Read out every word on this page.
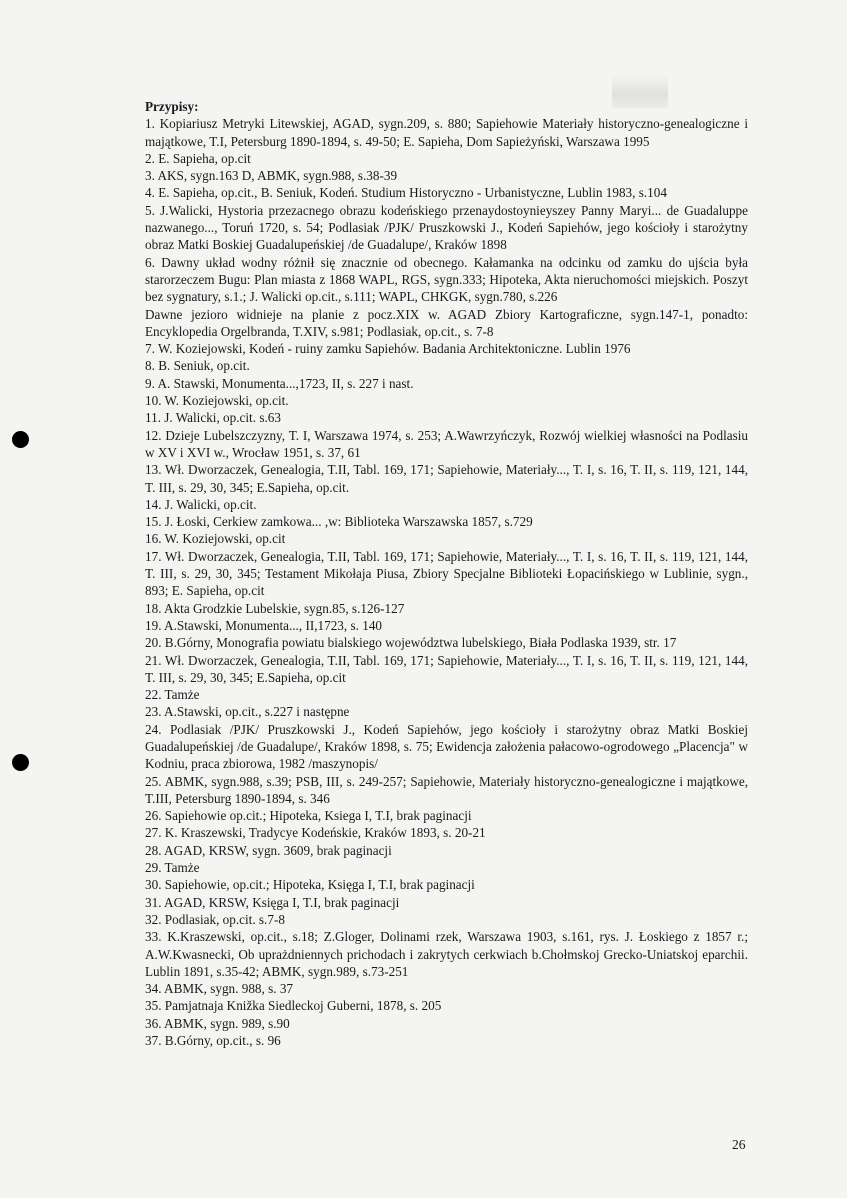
Przypisy:

1. Kopiariusz Metryki Litewskiej, AGAD, sygn.209, s. 880; Sapiehowie Materiały historyczno-genealogiczne i majątkowe, T.I, Petersburg 1890-1894, s. 49-50; E. Sapieha, Dom Sapieżyński, Warszawa 1995

2. E. Sapieha, op.cit

3. AKS, sygn.163 D, ABMK, sygn.988, s.38-39

4. E. Sapieha, op.cit., B. Seniuk, Kodeń. Studium Historyczno - Urbanistyczne, Lublin 1983, s.104

5. J.Walicki, Hystoria przezacnego obrazu kodeńskiego przenaydostoynieyszey Panny Maryi... de Guadaluppe nazwanego..., Toruń 1720, s. 54; Podlasiak /PJK/ Pruszkowski J., Kodeń Sapiehów, jego kościoły i starożytny obraz Matki Boskiej Guadalupeńskiej /de Guadalupe/, Kraków 1898

6. Dawny układ wodny różnił się znacznie od obecnego. Kałamanka na odcinku od zamku do ujścia była starorzeczem Bugu: Plan miasta z 1868 WAPL, RGS, sygn.333; Hipoteka, Akta nieruchomości miejskich. Poszyt bez sygnatury, s.1.; J. Walicki op.cit., s.111; WAPL, CHKGK, sygn.780, s.226

Dawne jezioro widnieje na planie z pocz.XIX w. AGAD Zbiory Kartograficzne, sygn.147-1, ponadto: Encyklopedia Orgelbranda, T.XIV, s.981; Podlasiak, op.cit., s. 7-8

7. W. Koziejowski, Kodeń - ruiny zamku Sapiehów. Badania Architektoniczne. Lublin 1976

8. B. Seniuk, op.cit.

9. A. Stawski, Monumenta...,1723, II, s. 227 i nast.

10. W. Koziejowski, op.cit.

11. J. Walicki, op.cit. s.63

12. Dzieje Lubelszczyzny, T. I, Warszawa 1974, s. 253; A.Wawrzyńczyk, Rozwój wielkiej własności na Podlasiu w XV i XVI w., Wrocław 1951, s. 37, 61

13. Wł. Dworzaczek, Genealogia, T.II, Tabl. 169, 171; Sapiehowie, Materiały..., T. I, s. 16, T. II, s. 119, 121, 144, T. III, s. 29, 30, 345; E.Sapieha, op.cit.

14. J. Walicki, op.cit.

15. J. Łoski, Cerkiew zamkowa... ,w: Biblioteka Warszawska 1857, s.729

16. W. Koziejowski, op.cit

17. Wł. Dworzaczek, Genealogia, T.II, Tabl. 169, 171; Sapiehowie, Materiały..., T. I, s. 16, T. II, s. 119, 121, 144, T. III, s. 29, 30, 345; Testament Mikołaja Piusa, Zbiory Specjalne Biblioteki Łopacińskiego w Lublinie, sygn., 893; E. Sapieha, op.cit

18. Akta Grodzkie Lubelskie, sygn.85, s.126-127

19. A.Stawski, Monumenta..., II,1723, s. 140

20. B.Górny, Monografia powiatu bialskiego województwa lubelskiego, Biała Podlaska 1939, str. 17

21. Wł. Dworzaczek, Genealogia, T.II, Tabl. 169, 171; Sapiehowie, Materiały..., T. I, s. 16, T. II, s. 119, 121, 144, T. III, s. 29, 30, 345; E.Sapieha, op.cit

22. Tamże

23. A.Stawski, op.cit., s.227 i następne

24. Podlasiak /PJK/ Pruszkowski J., Kodeń Sapiehów, jego kościoły i starożytny obraz Matki Boskiej Guadalupeńskiej /de Guadalupe/, Kraków 1898, s. 75; Ewidencja założenia pałacowo-ogrodowego „Placencja" w Kodniu, praca zbiorowa, 1982 /maszynopis/

25. ABMK, sygn.988, s.39; PSB, III, s. 249-257; Sapiehowie, Materiały historyczno-genealogiczne i majątkowe, T.III, Petersburg 1890-1894, s. 346

26. Sapiehowie op.cit.; Hipoteka, Ksiega I, T.I, brak paginacji

27. K. Kraszewski, Tradycye Kodeńskie, Kraków 1893, s. 20-21

28. AGAD, KRSW, sygn. 3609, brak paginacji

29. Tamże

30. Sapiehowie, op.cit.; Hipoteka, Księga I, T.I, brak paginacji

31. AGAD, KRSW, Księga I, T.I, brak paginacji

32. Podlasiak, op.cit. s.7-8

33. K.Kraszewski, op.cit., s.18; Z.Gloger, Dolinami rzek, Warszawa 1903, s.161, rys. J. Łoskiego z 1857 r.; A.W.Kwasnecki, Ob uprażdniennych prichodach i zakrytych cerkwiach b.Chołmskoj Grecko-Uniatskoj eparchii. Lublin 1891, s.35-42; ABMK, sygn.989, s.73-251

34. ABMK, sygn. 988, s. 37

35. Pamjatnaja Knižka Siedleckoj Guberni, 1878, s. 205

36. ABMK, sygn. 989, s.90

37. B.Górny, op.cit., s. 96

26
